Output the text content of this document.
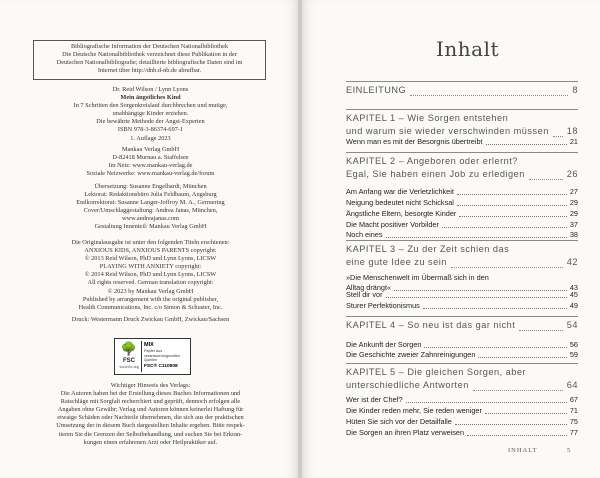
Bibliografische Information der Deutschen Nationalbibliothek
Die Deutsche Nationalbibliothek verzeichnet diese Publikation in der
Deutschen Nationalbibliografie; detaillierte bibliografische Daten sind im
Internet über http://dnb.d-nb.de abrufbar.
Dr. Reid Wilson / Lynn Lyons
Mein ängstliches Kind
In 7 Schritten den Sorgenkreislauf durchbrechen und mutige,
unabhängige Kinder erziehen.
Die bewährte Methode der Angst-Experten
ISBN 978-3-86374-697-1
1. Auflage 2023
Mankau Verlag GmbH
D-82418 Murnau a. Staffelsee
Im Netz: www.mankau-verlag.de
Soziale Netzwerke: www.mankau-verlag.de/forum
Übersetzung: Susanne Engelhardt, München
Lektorat: Redaktionsbüro Julia Feldbaum, Augsburg
Endkorrektorat: Susanne Langer-Joffroy M. A., Germering
Cover/Umschlaggestaltung: Andrea Janas, München,
www.andreajanas.com
Gestaltung Innenteil: Mankau Verlag GmbH
Die Originalausgabe ist unter den folgenden Titeln erschienen:
ANXIOUS KIDS, ANXIOUS PARENTS copyright:
© 2013 Reid Wilson, PhD und Lynn Lyons, LICSW
PLAYING WITH ANXIETY copyright:
© 2014 Reid Wilson, PhD und Lynn Lyons, LICSW
All rights reserved. German translation copyright:
© 2023 by Mankau Verlag GmbH
Published by arrangement with the original publisher,
Health Communications, Inc. c/o Simon & Schuster, Inc.
Druck: Westermann Druck Zwickau GmbH, Zwickau/Sachsen
🌳
FSC
www.fsc.org
MIX
Papier aus verantwortungsvollen Quellen
FSC® C110508
Wichtiger Hinweis des Verlags:
Die Autoren haben bei der Erstellung dieses Buches Informationen und
Ratschläge mit Sorgfalt recherchiert und geprüft, dennoch erfolgen alle
Angaben ohne Gewähr; Verlag und Autoren können keinerlei Haftung für
etwaige Schäden oder Nachteile übernehmen, die sich aus der praktischen
Umsetzung der in diesem Buch dargestellten Inhalte ergeben. Bitte respek-
tieren Sie die Grenzen der Selbstbehandlung, und suchen Sie bei Erkran-
kungen einen erfahrenen Arzt oder Heilpraktiker auf.
Inhalt
EINLEITUNG	8
KAPITEL 1 – Wie Sorgen entstehen
und warum sie wieder verschwinden müssen 18
Wenn man es mit der Besorgnis übertreibt	21
KAPITEL 2 – Angeboren oder erlernt?
Egal, Sie haben einen Job zu erledigen	26
Am Anfang war die Verletzlichkeit	27
Neigung bedeutet nicht Schicksal	29
Ängstliche Eltern, besorgte Kinder	29
Die Macht positiver Vorbilder	37
Noch eines	38
KAPITEL 3 – Zu der Zeit schien das
eine gute Idee zu sein	42
»Die Menschenwelt im Übermaß sich in den
Alltag drängt«	43
Stell dir vor	45
Sturer Perfektionismus	49
KAPITEL 4 – So neu ist das gar nicht	54
Die Ankunft der Sorgen	56
Die Geschichte zweier Zahnreinigungen	59
KAPITEL 5 – Die gleichen Sorgen, aber
unterschiedliche Antworten	64
Wer ist der Chef?	67
Die Kinder reden mehr, Sie reden weniger	71
Hüten Sie sich vor der Detailfalle	75
Die Sorgen an ihren Platz verweisen	77
INHALT	5
